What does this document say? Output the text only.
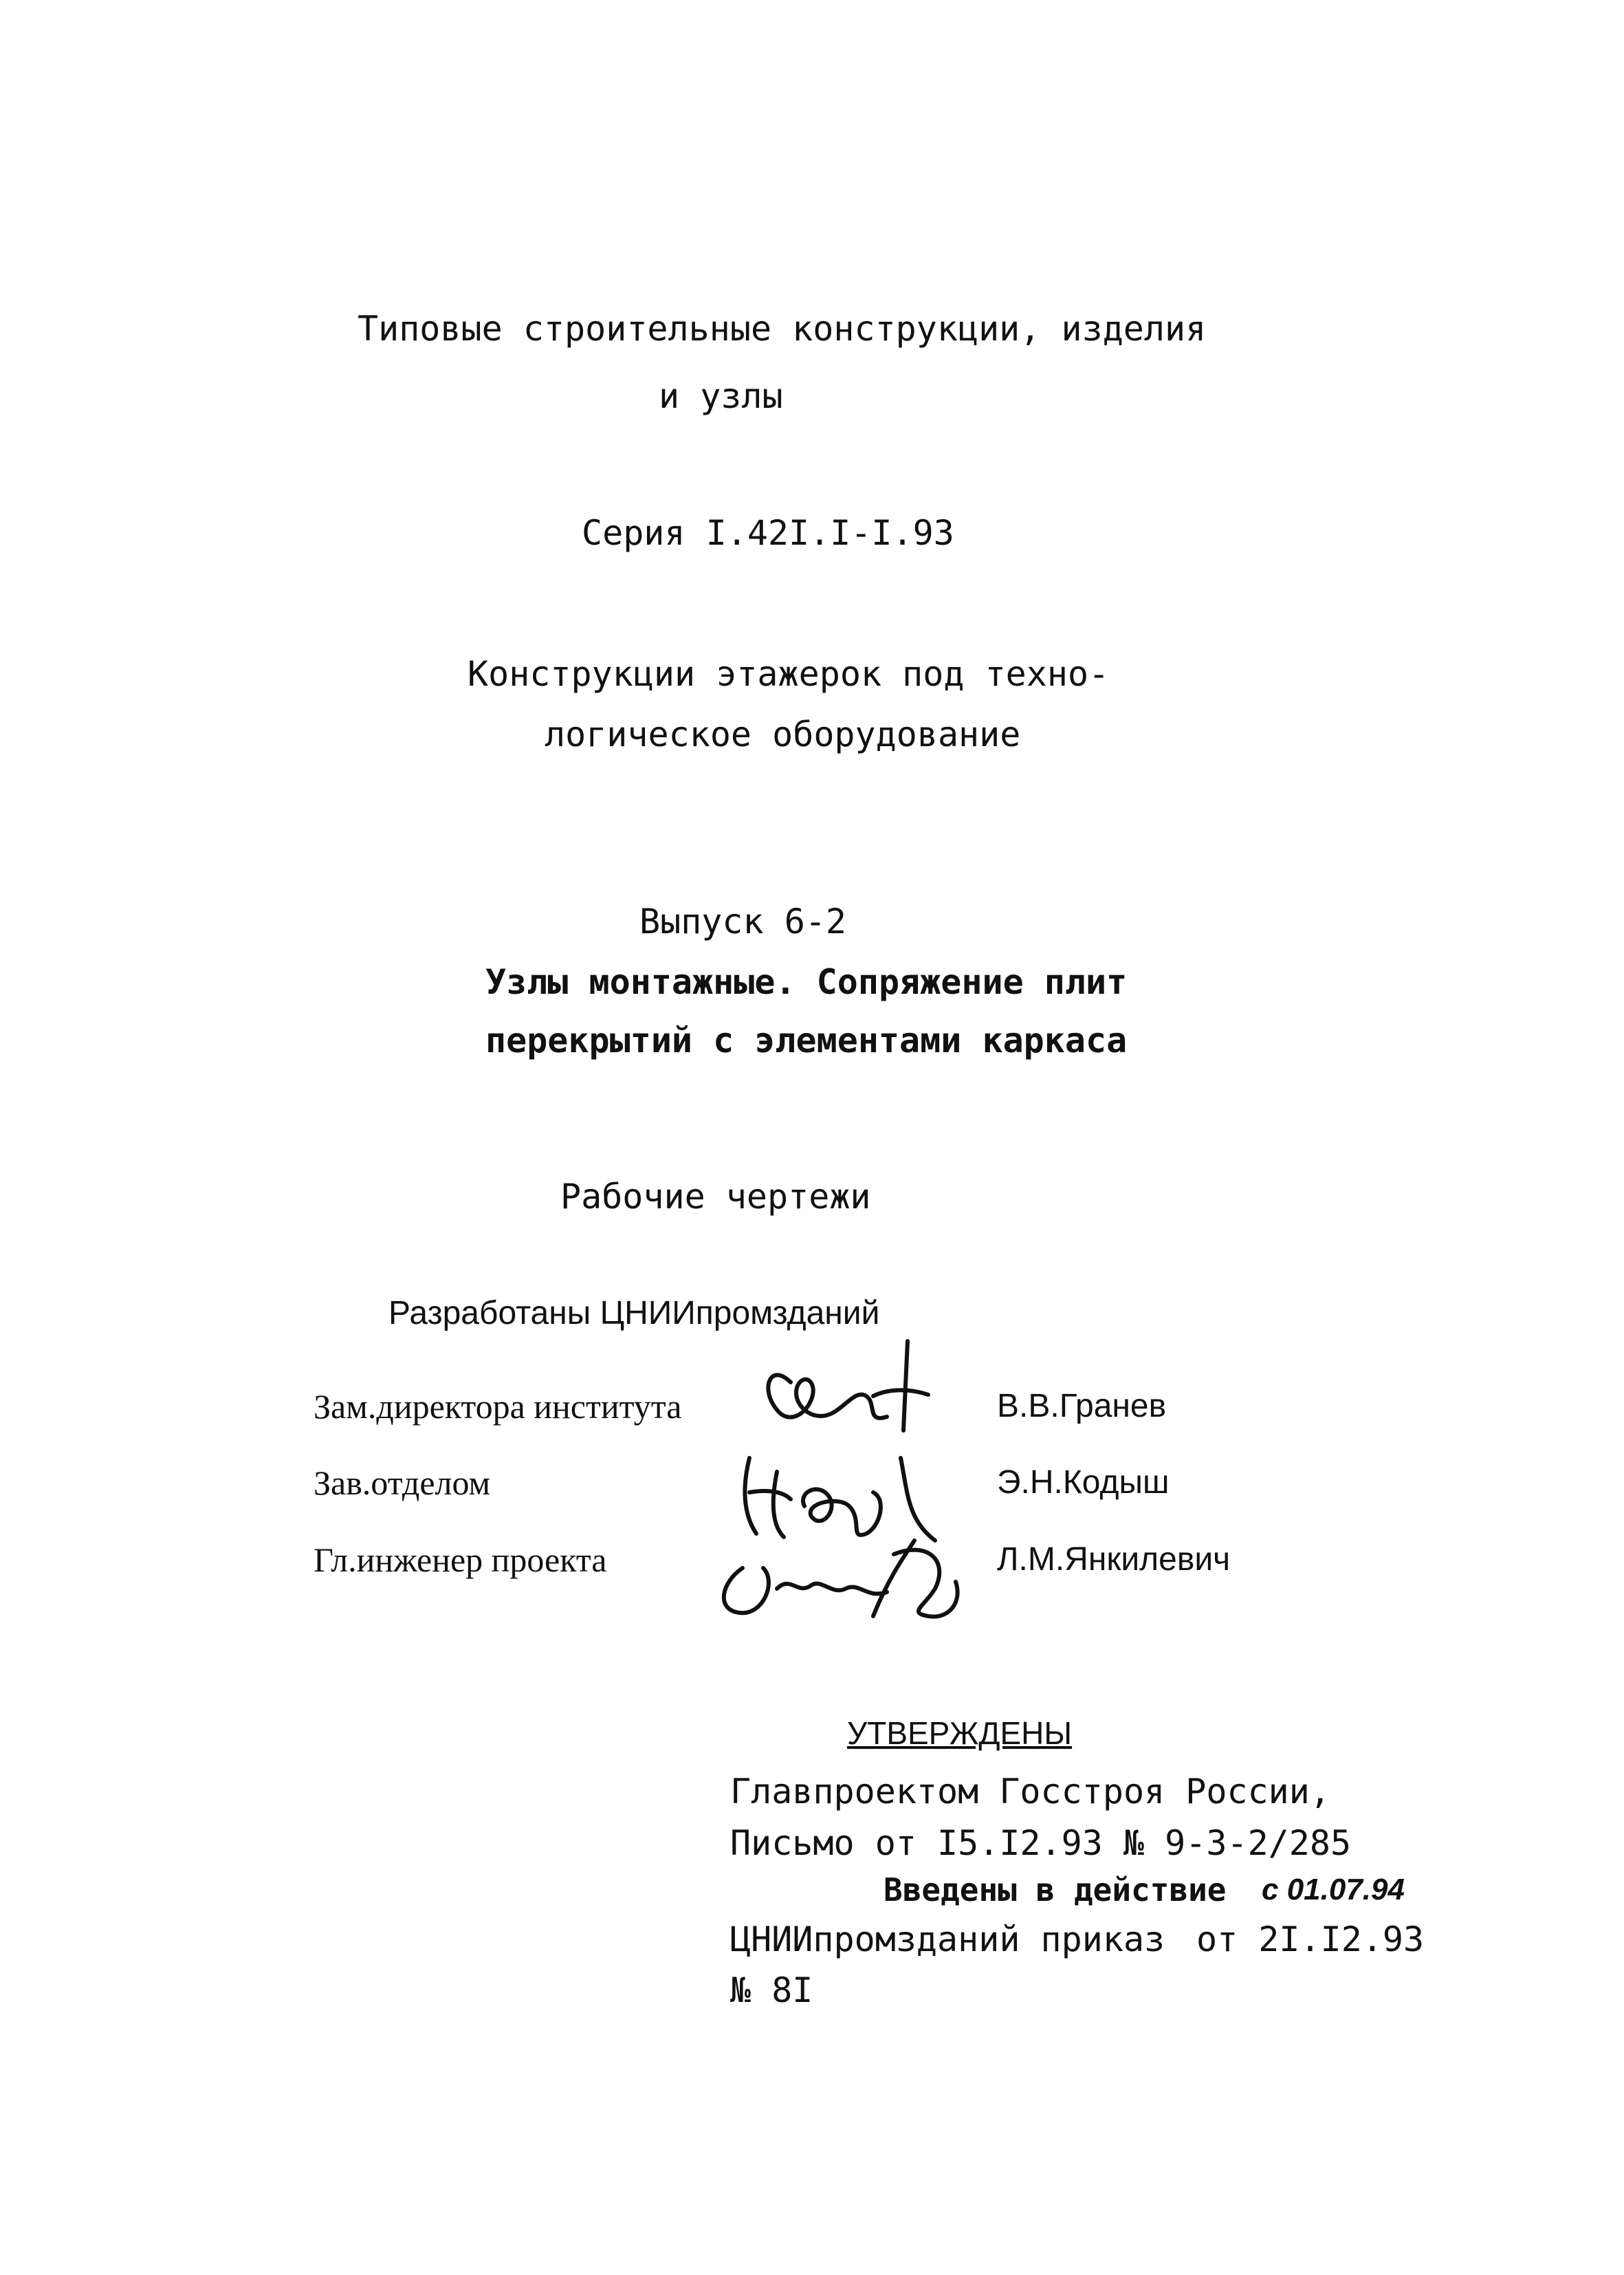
Типовые строительные конструкции, изделия
и узлы
Серия I.42I.I-I.93
Конструкции этажерок под техно-
логическое оборудование
Выпуск 6-2
Узлы монтажные. Сопряжение плит
перекрытий с элементами каркаса
Рабочие чертежи
Разработаны ЦНИИпромзданий
Зам.директора института	В.В.Гранев
Зав.отделом	Э.Н.Кодыш
Гл.инженер проекта	Л.М.Янкилевич
УТВЕРЖДЕНЫ
Главпроектом Госстроя России,
Письмо от I5.I2.93 № 9-3-2/285
Введены в действие с 01.07.94
ЦНИИпромзданий приказ от 2I.I2.93
№ 8I
